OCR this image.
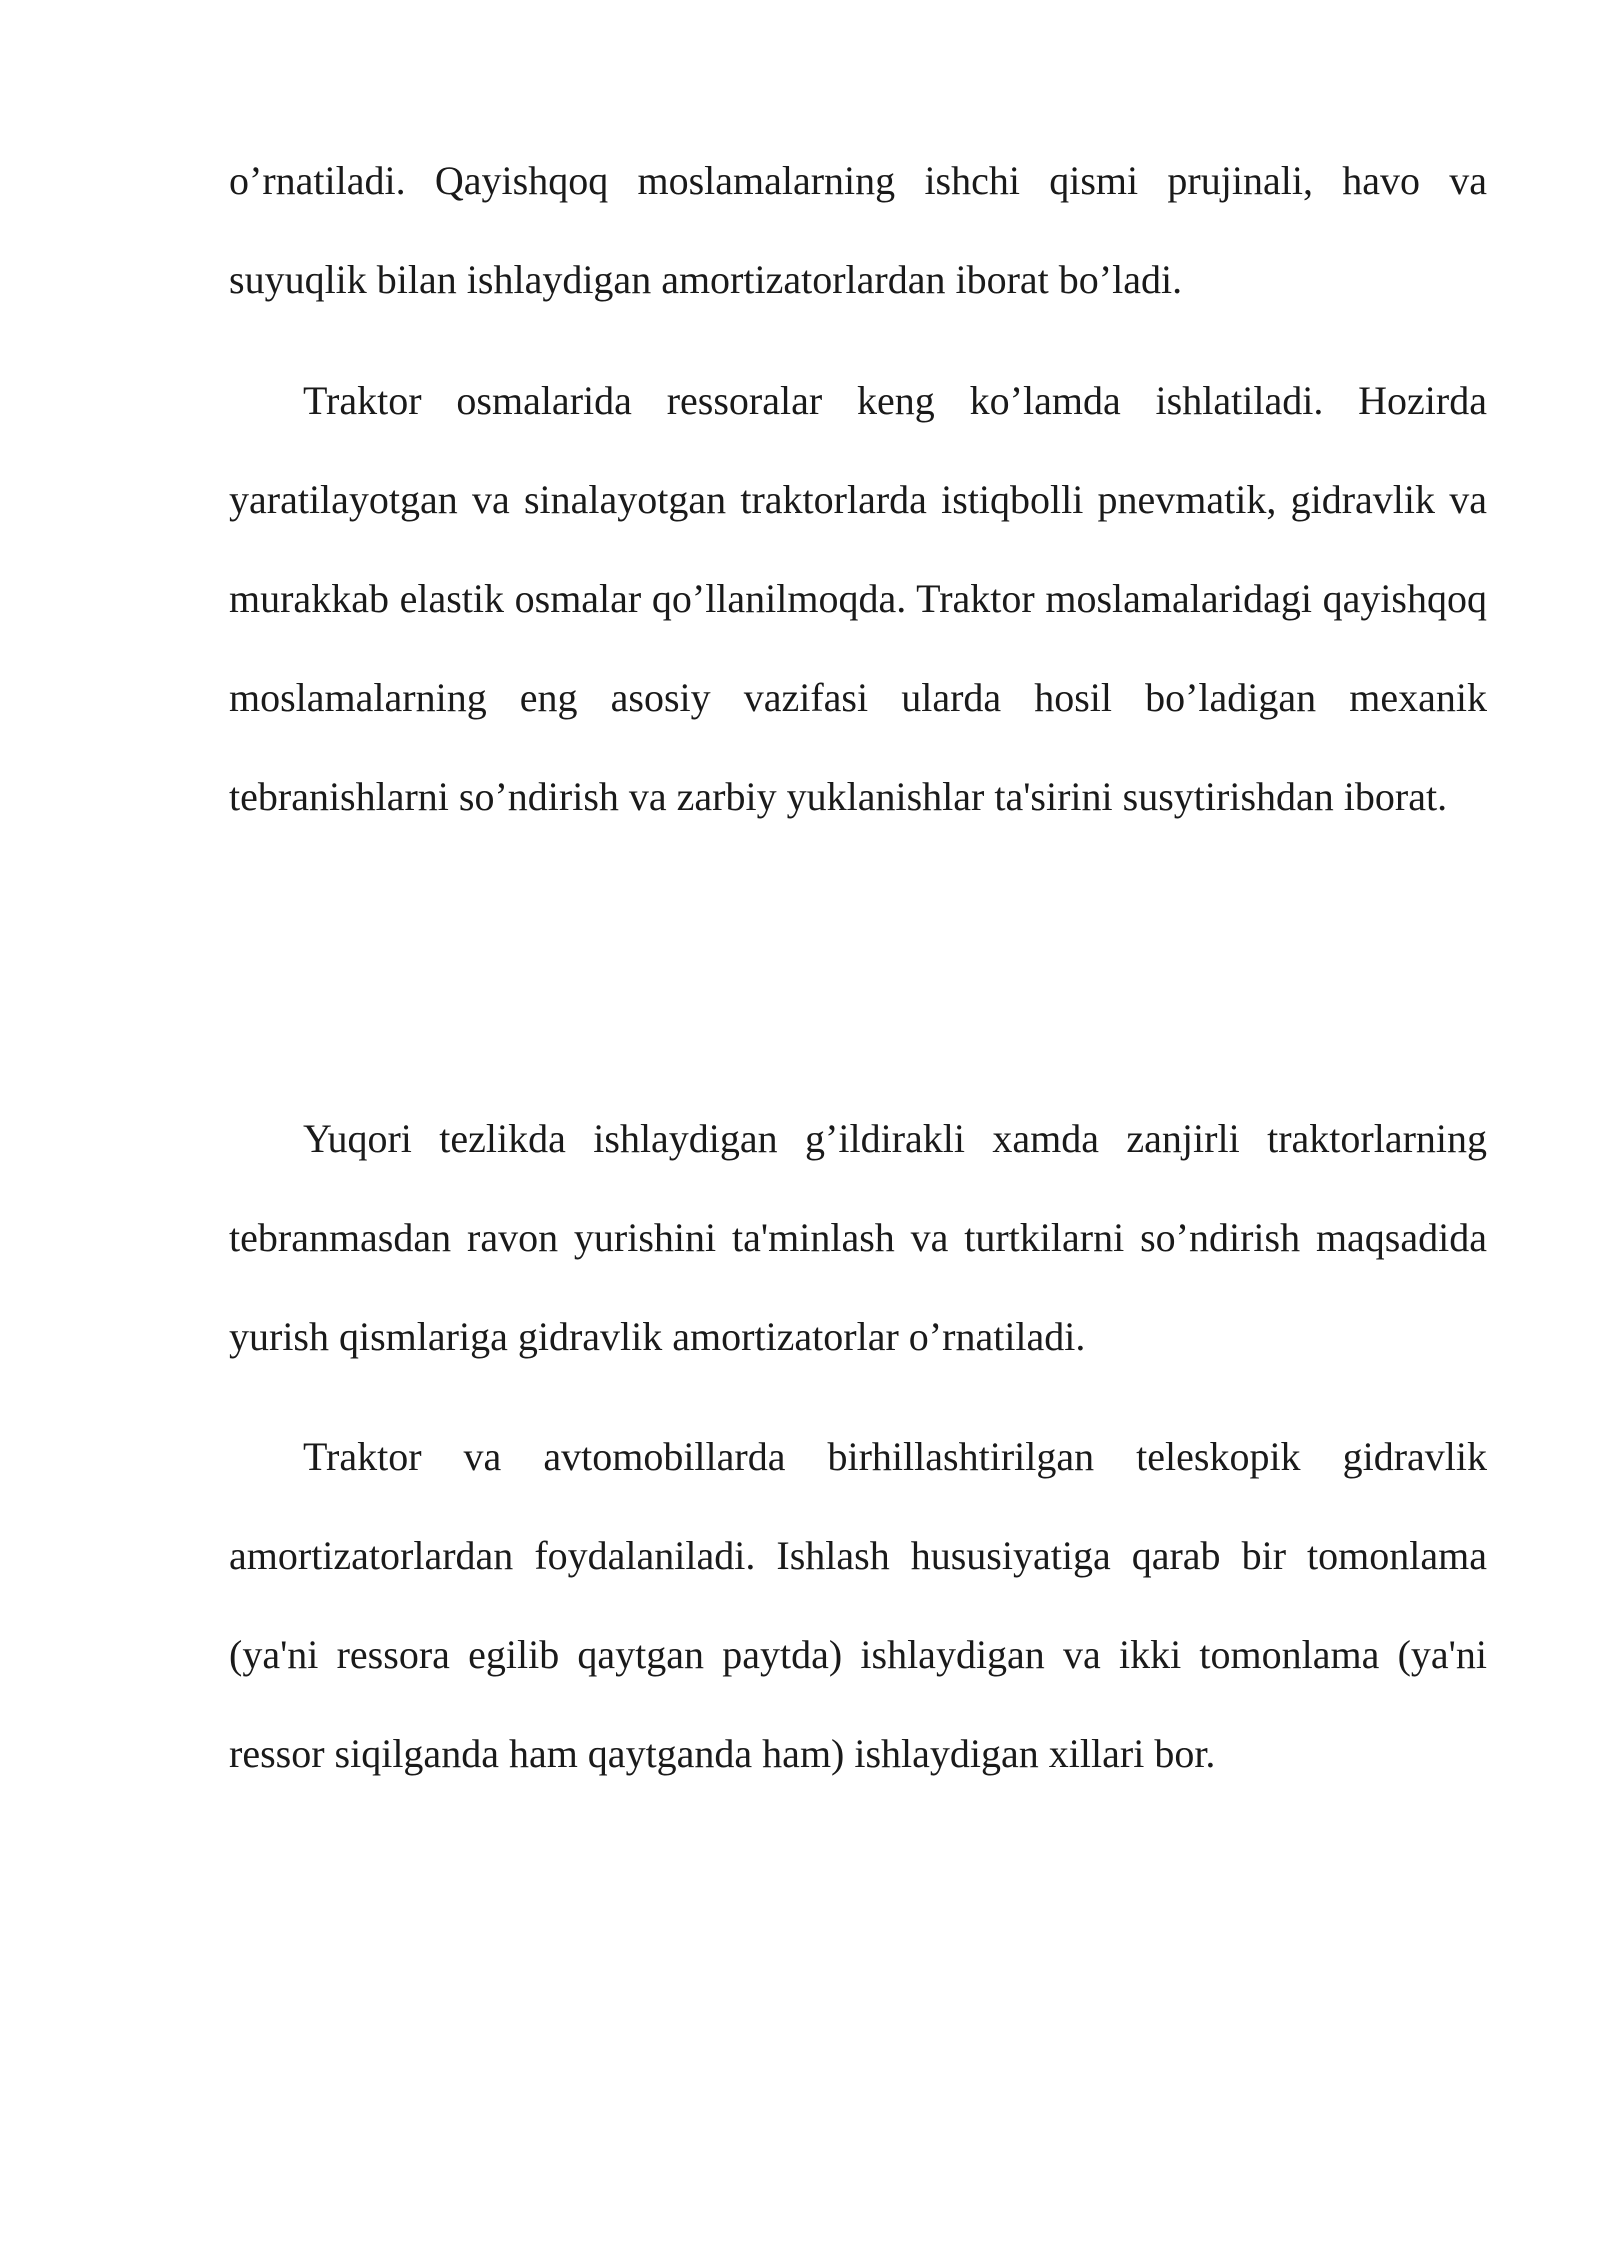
o’rnatiladi. Qayishqoq moslamalarning ishchi qismi prujinali, havo va suyuqlik bilan ishlaydigan amortizatorlardan iborat bo’ladi.

Traktor osmalarida ressoralar keng ko’lamda ishlatiladi. Hozirda yaratilayotgan va sinalayotgan traktorlarda istiqbolli pnevmatik, gidravlik va murakkab elastik osmalar qo’llanilmoqda. Traktor moslamalaridagi qayishqoq moslamalarning eng asosiy vazifasi ularda hosil bo’ladigan mexanik tebranishlarni so’ndirish va zarbiy yuklanishlar ta'sirini susytirishdan iborat.

Yuqori tezlikda ishlaydigan g’ildirakli xamda zanjirli traktorlarning tebranmasdan ravon yurishini ta'minlash va turtkilarni so’ndirish maqsadida yurish qismlariga gidravlik amortizatorlar o’rnatiladi.

Traktor va avtomobillarda birhillashtirilgan teleskopik gidravlik amortizatorlardan foydalaniladi. Ishlash hususiyatiga qarab bir tomonlama (ya'ni ressora egilib qaytgan paytda) ishlaydigan va ikki tomonlama (ya'ni ressor siqilganda ham qaytganda ham) ishlaydigan xillari bor.
